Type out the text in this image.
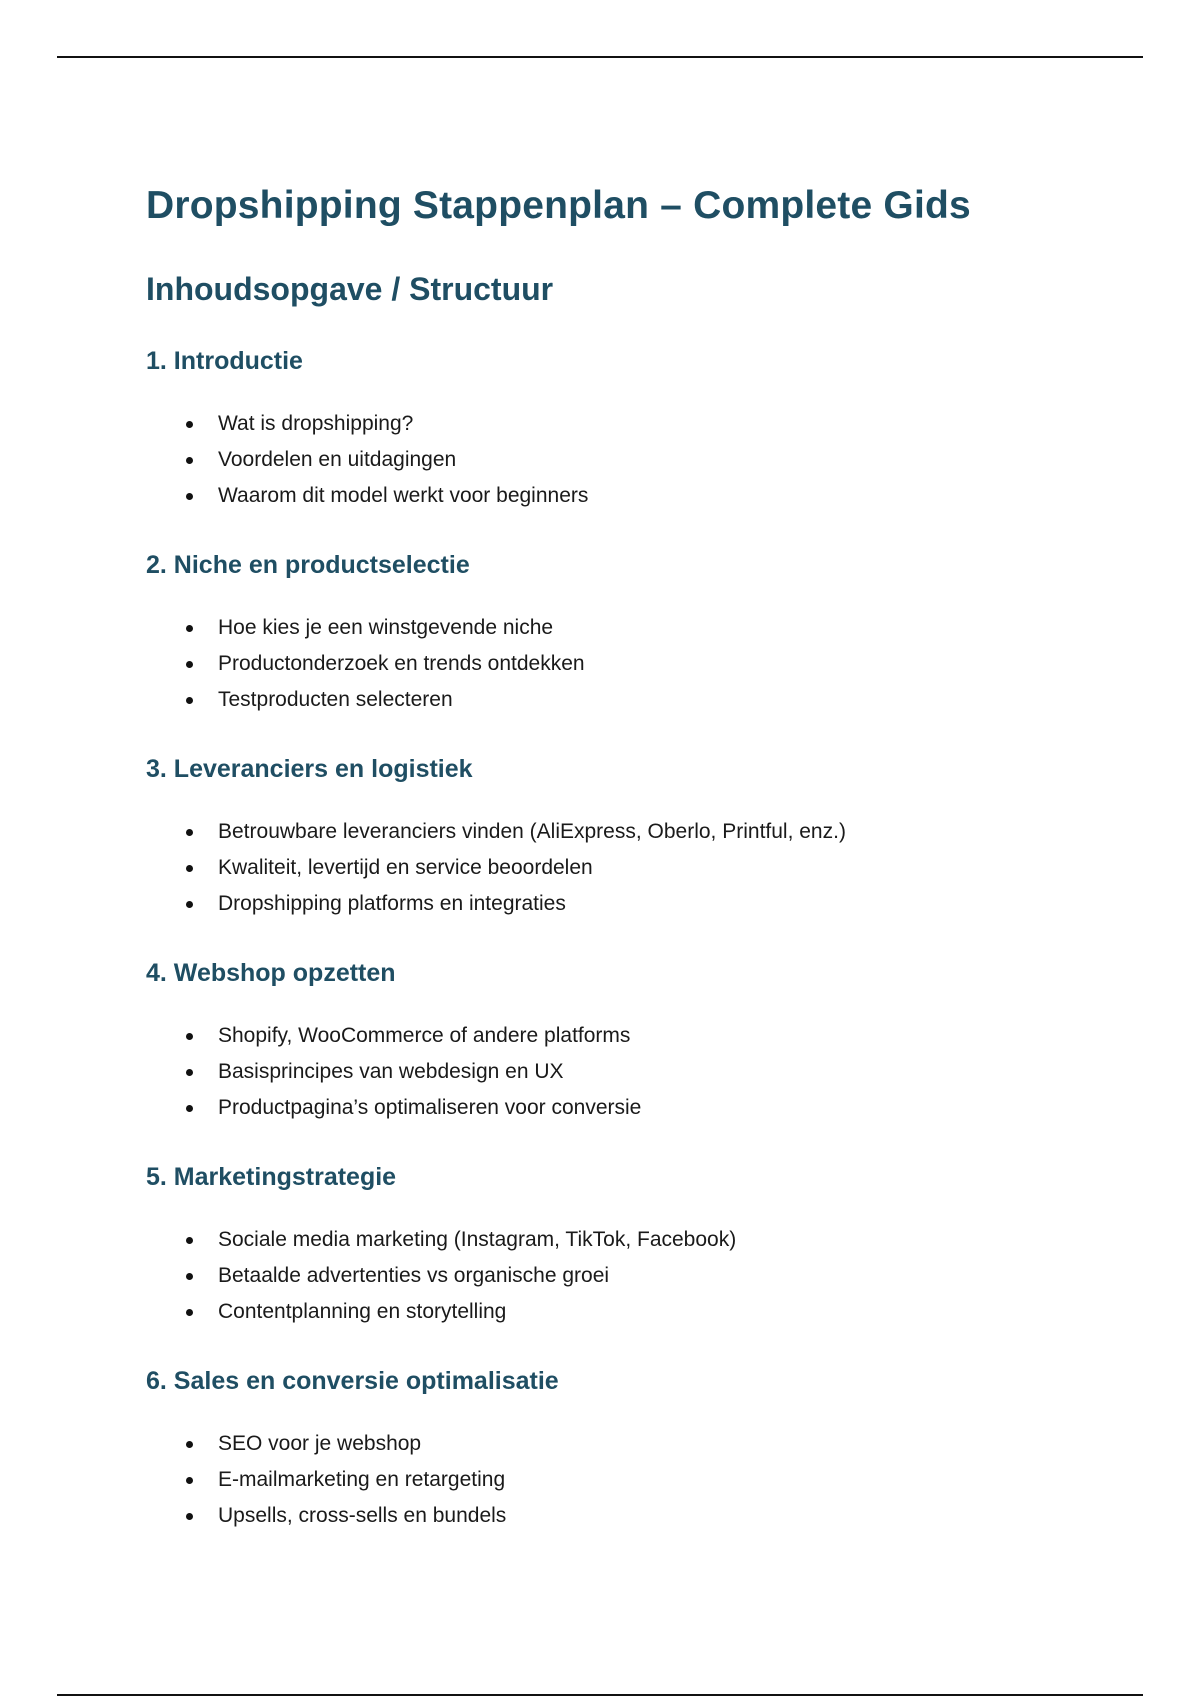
Dropshipping Stappenplan – Complete Gids
Inhoudsopgave / Structuur
1. Introductie
Wat is dropshipping?
Voordelen en uitdagingen
Waarom dit model werkt voor beginners
2. Niche en productselectie
Hoe kies je een winstgevende niche
Productonderzoek en trends ontdekken
Testproducten selecteren
3. Leveranciers en logistiek
Betrouwbare leveranciers vinden (AliExpress, Oberlo, Printful, enz.)
Kwaliteit, levertijd en service beoordelen
Dropshipping platforms en integraties
4. Webshop opzetten
Shopify, WooCommerce of andere platforms
Basisprincipes van webdesign en UX
Productpagina’s optimaliseren voor conversie
5. Marketingstrategie
Sociale media marketing (Instagram, TikTok, Facebook)
Betaalde advertenties vs organische groei
Contentplanning en storytelling
6. Sales en conversie optimalisatie
SEO voor je webshop
E-mailmarketing en retargeting
Upsells, cross-sells en bundels
